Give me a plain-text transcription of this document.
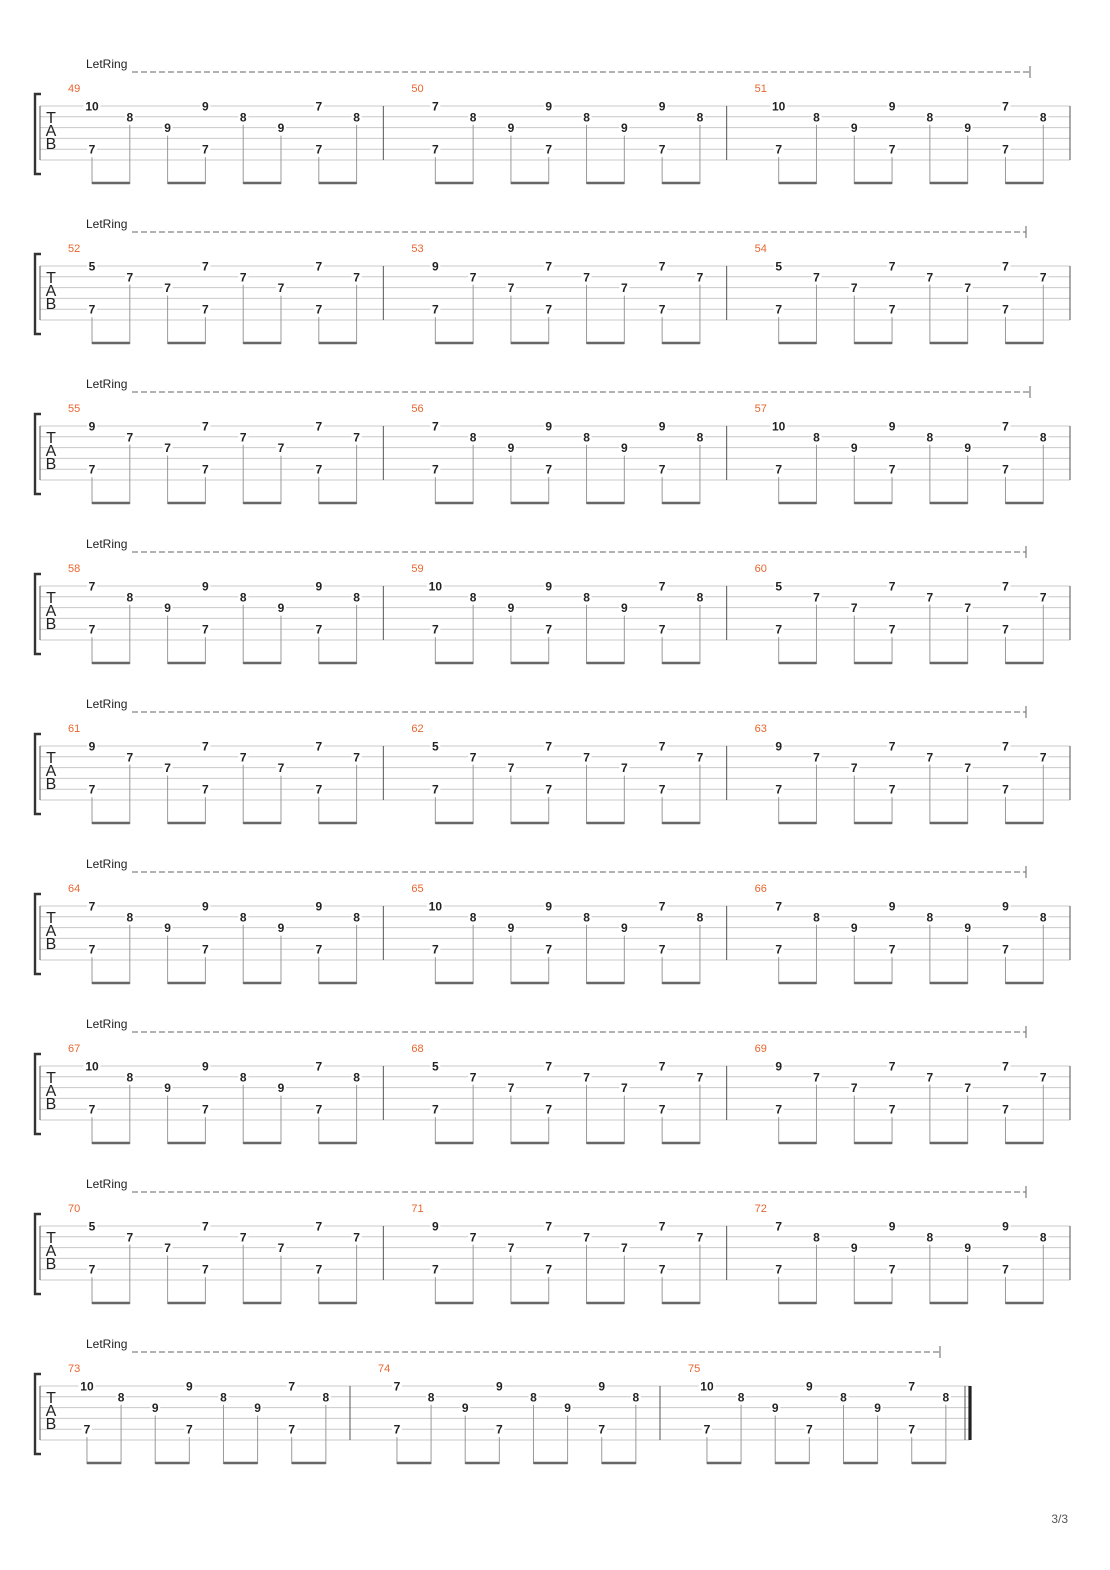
LetRing
T
A
B
49
10
7
8
9
9
7
8
9
7
7
8
50
7
7
8
9
9
7
8
9
9
7
8
51
10
7
8
9
9
7
8
9
7
7
8
LetRing
T
A
B
52
5
7
7
7
7
7
7
7
7
7
7
53
9
7
7
7
7
7
7
7
7
7
7
54
5
7
7
7
7
7
7
7
7
7
7
LetRing
T
A
B
55
9
7
7
7
7
7
7
7
7
7
7
56
7
7
8
9
9
7
8
9
9
7
8
57
10
7
8
9
9
7
8
9
7
7
8
LetRing
T
A
B
58
7
7
8
9
9
7
8
9
9
7
8
59
10
7
8
9
9
7
8
9
7
7
8
60
5
7
7
7
7
7
7
7
7
7
7
LetRing
T
A
B
61
9
7
7
7
7
7
7
7
7
7
7
62
5
7
7
7
7
7
7
7
7
7
7
63
9
7
7
7
7
7
7
7
7
7
7
LetRing
T
A
B
64
7
7
8
9
9
7
8
9
9
7
8
65
10
7
8
9
9
7
8
9
7
7
8
66
7
7
8
9
9
7
8
9
9
7
8
LetRing
T
A
B
67
10
7
8
9
9
7
8
9
7
7
8
68
5
7
7
7
7
7
7
7
7
7
7
69
9
7
7
7
7
7
7
7
7
7
7
LetRing
T
A
B
70
5
7
7
7
7
7
7
7
7
7
7
71
9
7
7
7
7
7
7
7
7
7
7
72
7
7
8
9
9
7
8
9
9
7
8
LetRing
T
A
B
73
10
7
8
9
9
7
8
9
7
7
8
74
7
7
8
9
9
7
8
9
9
7
8
75
10
7
8
9
9
7
8
9
7
7
8
3/3
